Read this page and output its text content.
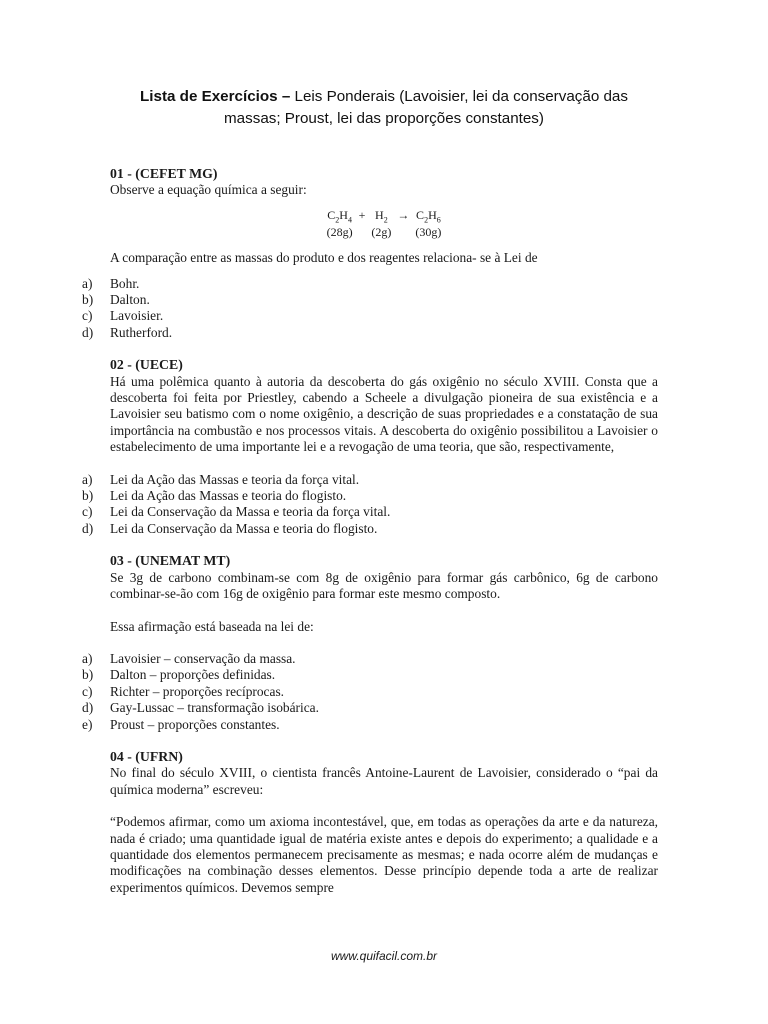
Lista de Exercícios – Leis Ponderais (Lavoisier, lei da conservação das
massas; Proust, lei das proporções constantes)

01 - (CEFET MG)

Observe a equação química a seguir:

$C_2H_4 + H_2 \to C_2H_6$
(28g) (2g) (30g)

A comparação entre as massas do produto e dos reagentes relaciona- se à Lei de

a) Bohr.
b) Dalton.
c) Lavoisier.
d) Rutherford.

02 - (UECE)

Há uma polêmica quanto à autoria da descoberta do gás oxigênio no século XVIII. Consta que a descoberta foi feita por Priestley, cabendo a Scheele a divulgação pioneira de sua existência e a Lavoisier seu batismo com o nome oxigênio, a descrição de suas propriedades e a constatação de sua importância na combustão e nos processos vitais. A descoberta do oxigênio possibilitou a Lavoisier o estabelecimento de uma importante lei e a revogação de uma teoria, que são, respectivamente,

a) Lei da Ação das Massas e teoria da força vital.
b) Lei da Ação das Massas e teoria do flogisto.
c) Lei da Conservação da Massa e teoria da força vital.
d) Lei da Conservação da Massa e teoria do flogisto.

03 - (UNEMAT MT)

Se 3g de carbono combinam-se com 8g de oxigênio para formar gás carbônico, 6g de carbono combinar-se-ão com 16g de oxigênio para formar este mesmo composto.

Essa afirmação está baseada na lei de:

a) Lavoisier – conservação da massa.
b) Dalton – proporções definidas.
c) Richter – proporções recíprocas.
d) Gay-Lussac – transformação isobárica.
e) Proust – proporções constantes.

04 - (UFRN)

No final do século XVIII, o cientista francês Antoine-Laurent de Lavoisier, considerado o “pai da química moderna” escreveu:

“Podemos afirmar, como um axioma incontestável, que, em todas as operações da arte e da natureza, nada é criado; uma quantidade igual de matéria existe antes e depois do experimento; a qualidade e a quantidade dos elementos permanecem precisamente as mesmas; e nada ocorre além de mudanças e modificações na combinação desses elementos. Desse princípio depende toda a arte de realizar experimentos químicos. Devemos sempre

www.quifacil.com.br
